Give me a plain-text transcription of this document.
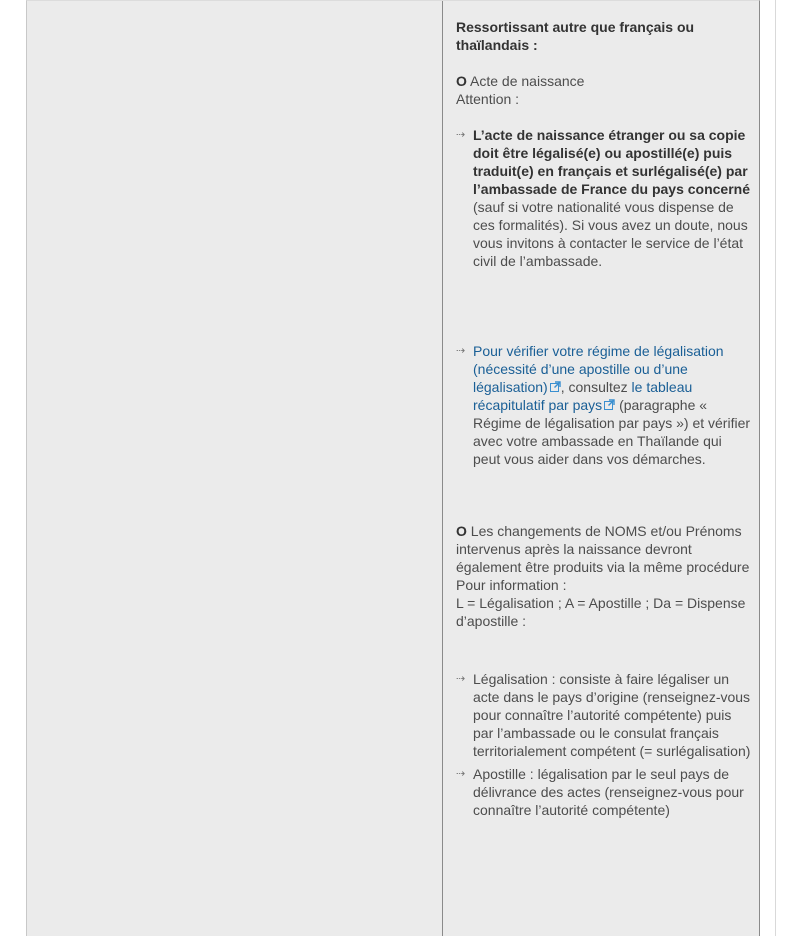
Ressortissant autre que français ou thaïlandais :

O Acte de naissance

Attention :

⇢ L’acte de naissance étranger ou sa copie doit être légalisé(e) ou apostillé(e) puis traduit(e) en français et surlégalisé(e) par l’ambassade de France du pays concerné (sauf si votre nationalité vous dispense de ces formalités). Si vous avez un doute, nous vous invitons à contacter le service de l’état civil de l’ambassade.

⇢ Pour vérifier votre régime de légalisation (nécessité d’une apostille ou d’une légalisation) , consultez le tableau récapitulatif par pays (paragraphe « Régime de légalisation par pays ») et vérifier avec votre ambassade en Thaïlande qui peut vous aider dans vos démarches.

O Les changements de NOMS et/ou Prénoms intervenus après la naissance devront également être produits via la même procédure

Pour information :

L = Légalisation ; A = Apostille ; Da = Dispense d’apostille :

⇢ Légalisation : consiste à faire légaliser un acte dans le pays d’origine (renseignez-vous pour connaître l’autorité compétente) puis par l’ambassade ou le consulat français territorialement compétent (= surlégalisation)

⇢ Apostille : légalisation par le seul pays de délivrance des actes (renseignez-vous pour connaître l’autorité compétente)
